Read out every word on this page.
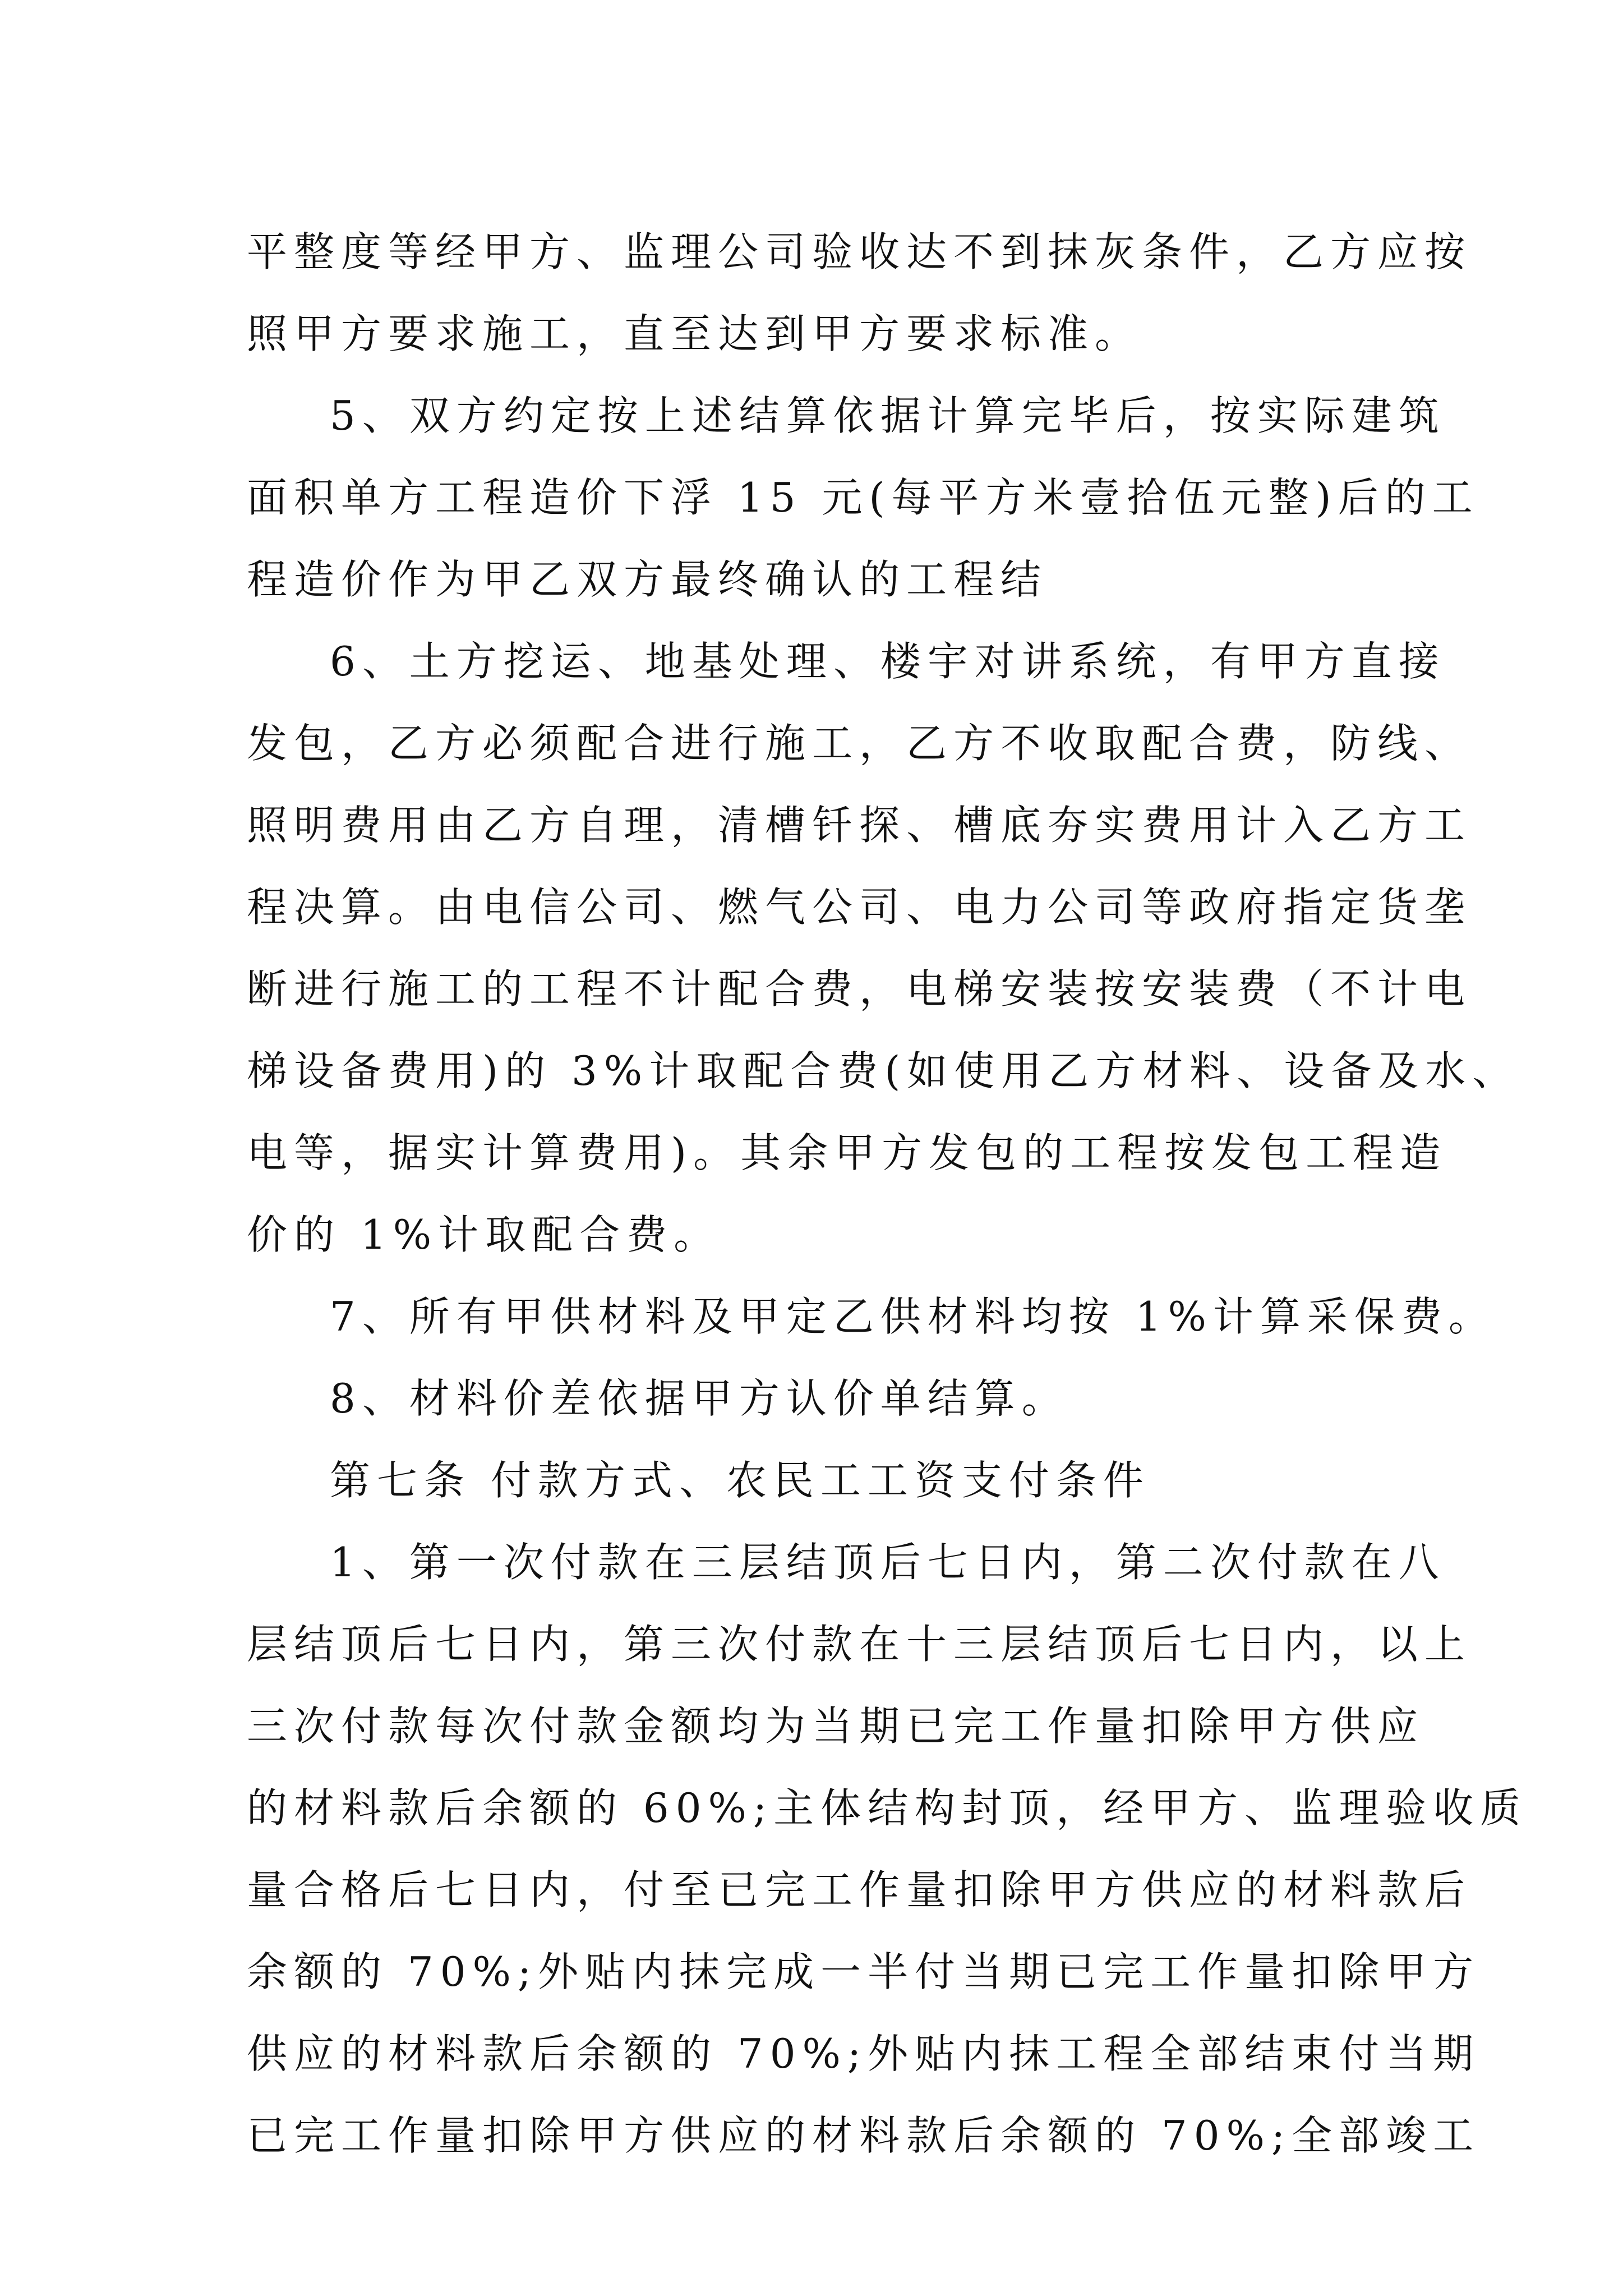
平整度等经甲方、监理公司验收达不到抹灰条件，乙方应按
照甲方要求施工，直至达到甲方要求标准。
5、双方约定按上述结算依据计算完毕后，按实际建筑
面积单方工程造价下浮 15 元(每平方米壹拾伍元整)后的工
程造价作为甲乙双方最终确认的工程结
6、土方挖运、地基处理、楼宇对讲系统，有甲方直接
发包，乙方必须配合进行施工，乙方不收取配合费，防线、
照明费用由乙方自理，清槽钎探、槽底夯实费用计入乙方工
程决算。由电信公司、燃气公司、电力公司等政府指定货垄
断进行施工的工程不计配合费，电梯安装按安装费（不计电
梯设备费用)的 3%计取配合费(如使用乙方材料、设备及水、
电等，据实计算费用)。其余甲方发包的工程按发包工程造
价的 1%计取配合费。
7、所有甲供材料及甲定乙供材料均按 1%计算采保费。
8、材料价差依据甲方认价单结算。
第七条 付款方式、农民工工资支付条件
1、第一次付款在三层结顶后七日内，第二次付款在八
层结顶后七日内，第三次付款在十三层结顶后七日内，以上
三次付款每次付款金额均为当期已完工作量扣除甲方供应
的材料款后余额的 60%;主体结构封顶，经甲方、监理验收质
量合格后七日内，付至已完工作量扣除甲方供应的材料款后
余额的 70%;外贴内抹完成一半付当期已完工作量扣除甲方
供应的材料款后余额的 70%;外贴内抹工程全部结束付当期
已完工作量扣除甲方供应的材料款后余额的 70%;全部竣工
